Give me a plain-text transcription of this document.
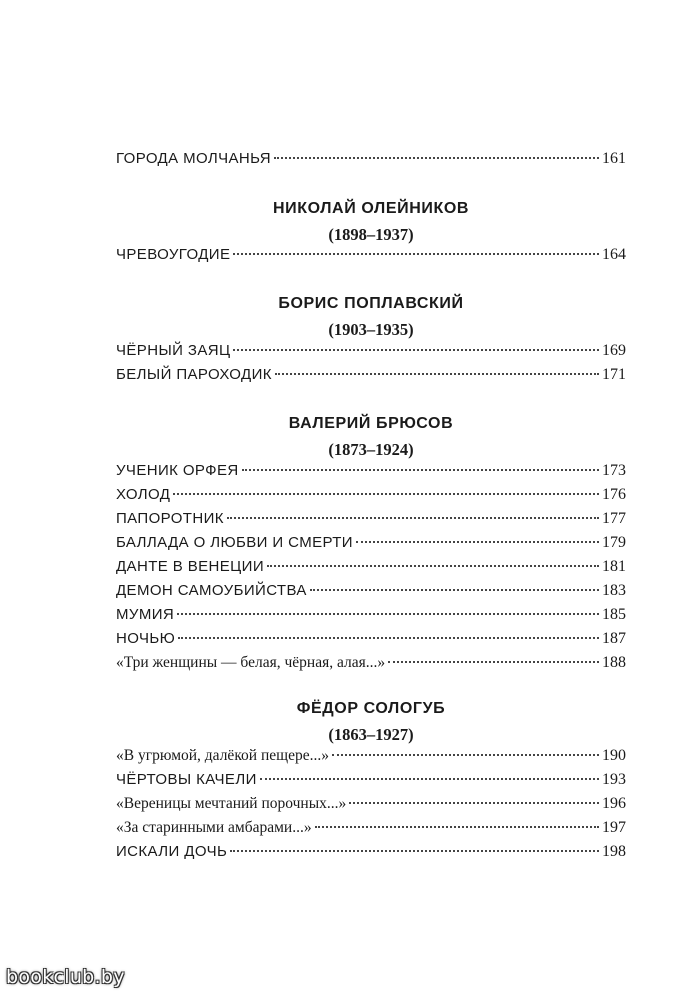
ГОРОДА МОЛЧАНЬЯ	161
НИКОЛАЙ ОЛЕЙНИКОВ
(1898–1937)
ЧРЕВОУГОДИЕ	164
БОРИС ПОПЛАВСКИЙ
(1903–1935)
ЧЁРНЫЙ ЗАЯЦ	169
БЕЛЫЙ ПАРОХОДИК	171
ВАЛЕРИЙ БРЮСОВ
(1873–1924)
УЧЕНИК ОРФЕЯ	173
ХОЛОД	176
ПАПОРОТНИК	177
БАЛЛАДА О ЛЮБВИ И СМЕРТИ	179
ДАНТЕ В ВЕНЕЦИИ	181
ДЕМОН САМОУБИЙСТВА	183
МУМИЯ	185
НОЧЬЮ	187
«Три женщины — белая, чёрная, алая...»	188
ФЁДОР СОЛОГУБ
(1863–1927)
«В угрюмой, далёкой пещере...»	190
ЧЁРТОВЫ КАЧЕЛИ	193
«Вереницы мечтаний порочных...»	196
«За старинными амбарами...»	197
ИСКАЛИ ДОЧЬ	198
bookclub.by
